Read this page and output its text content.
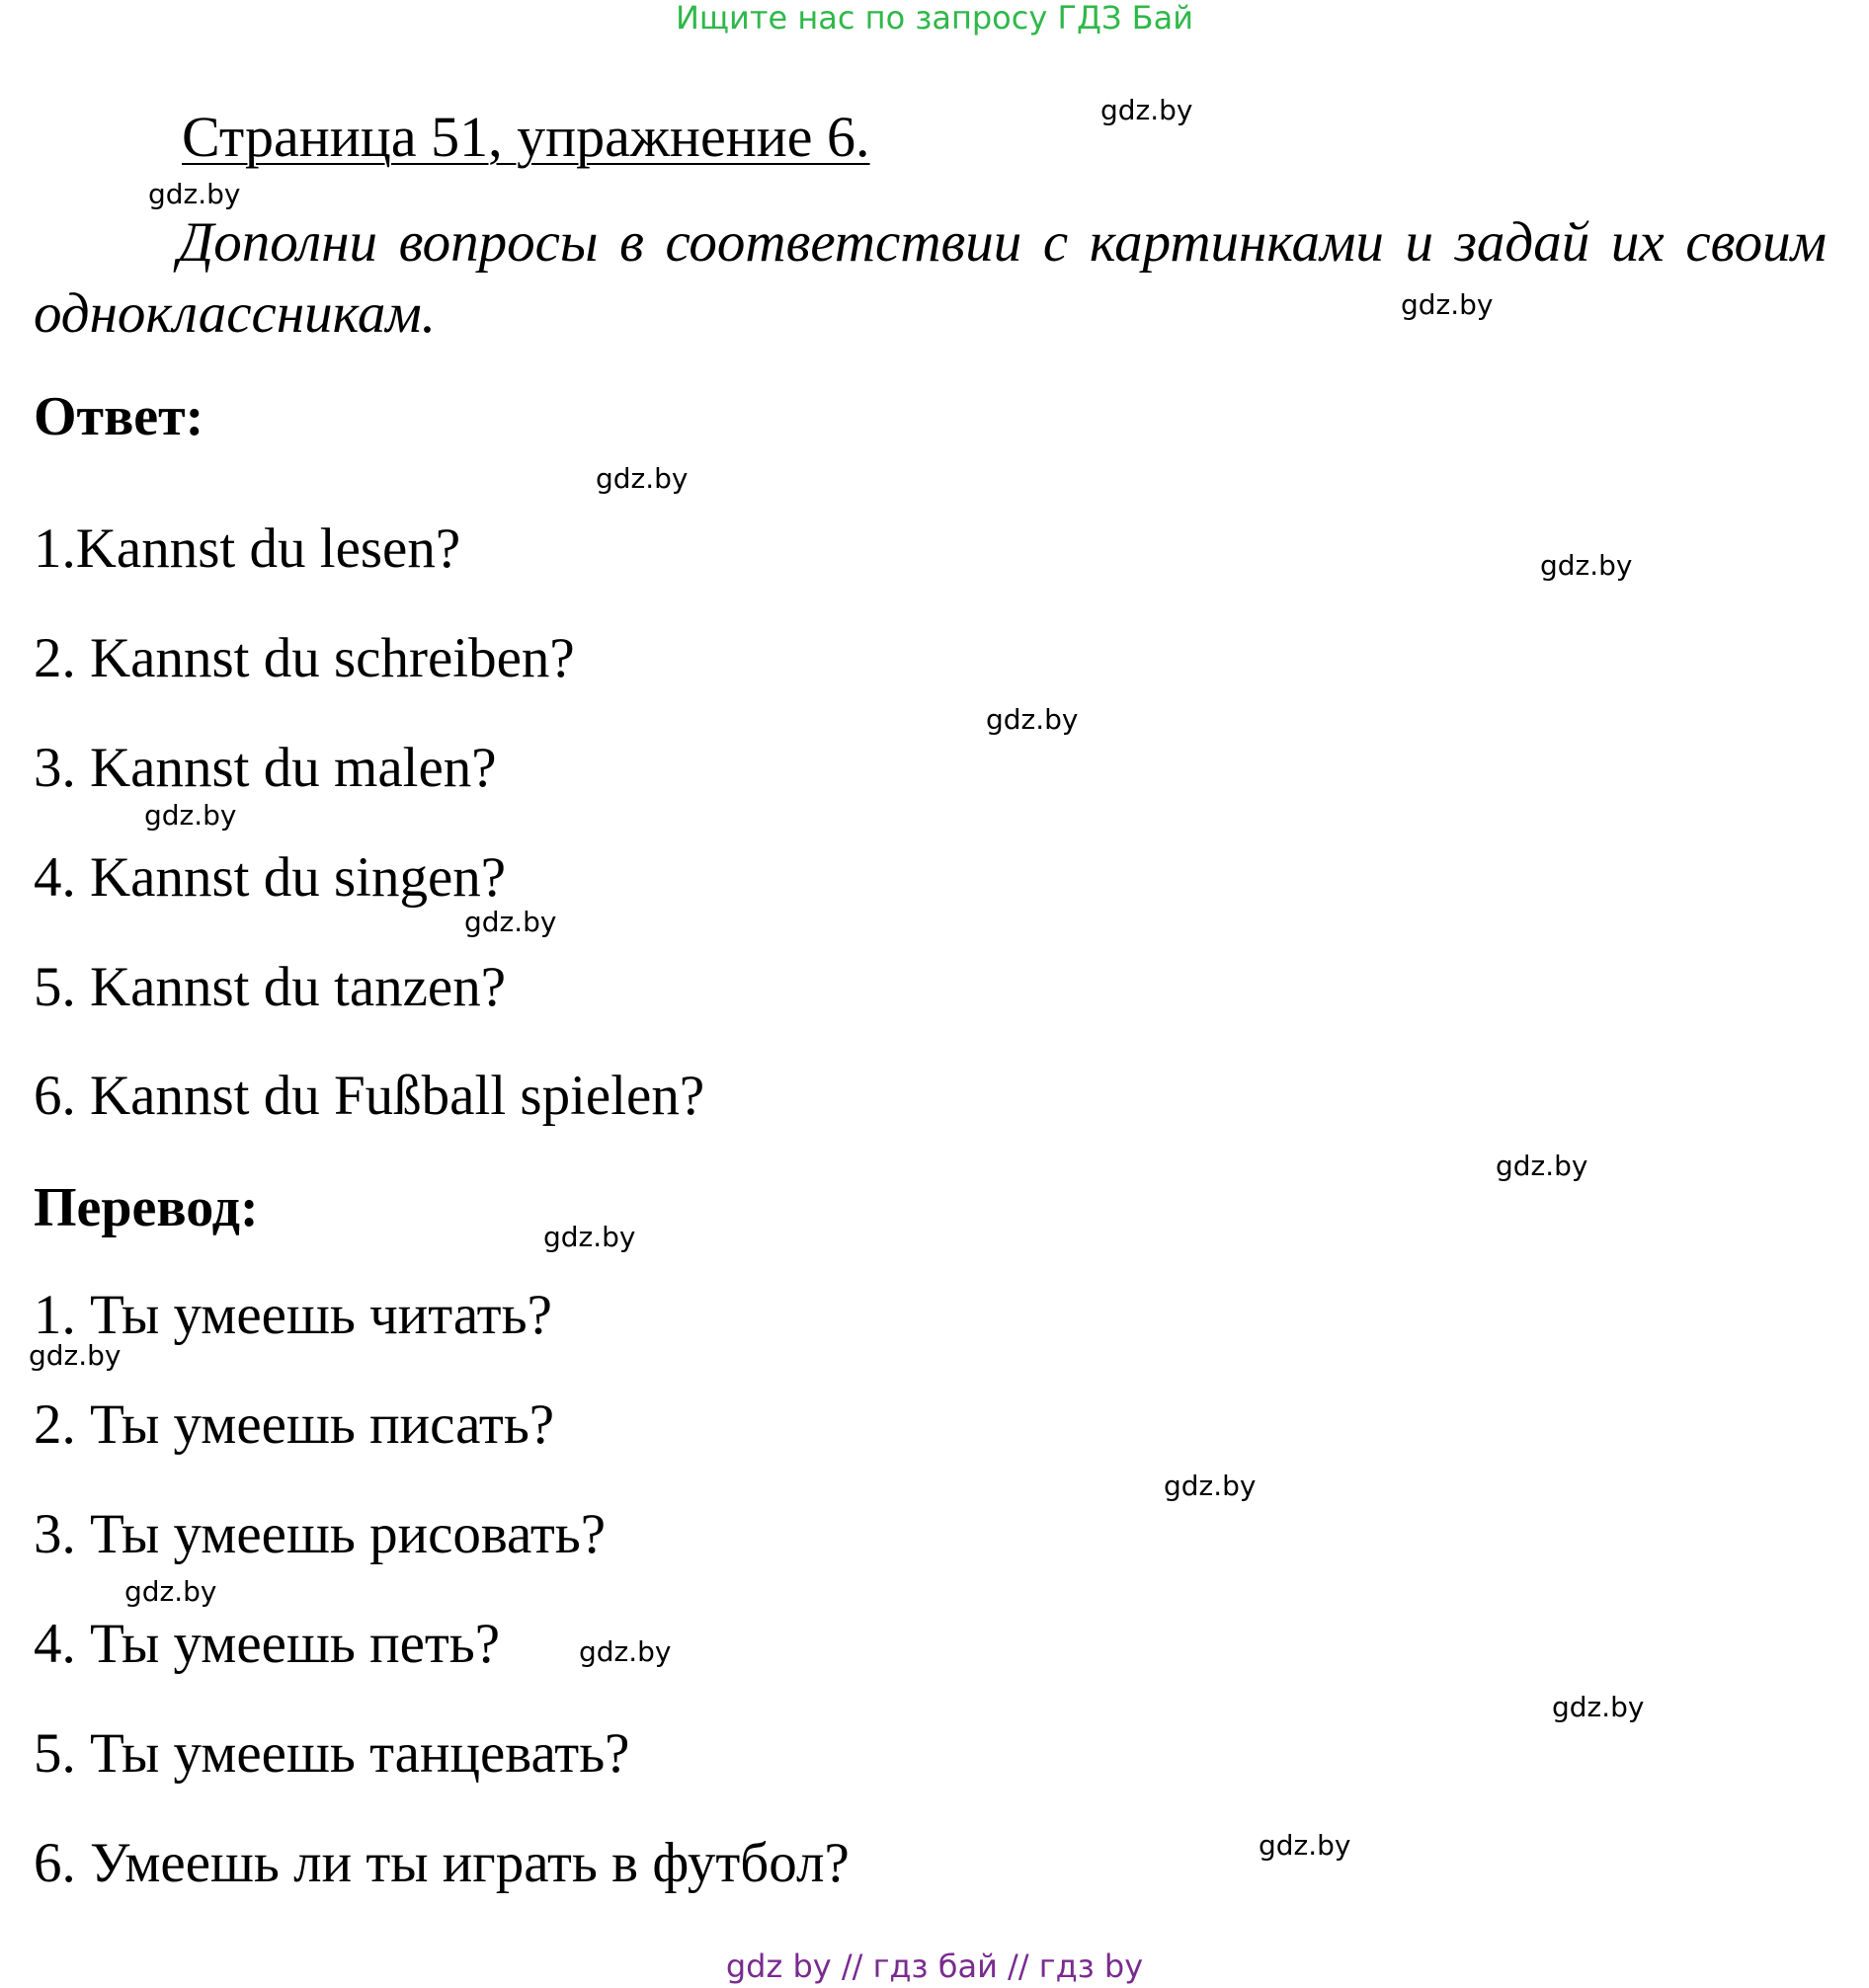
Ищите нас по запросу ГДЗ Бай
Страница 51, упражнение 6.
Дополни вопросы в соответствии с картинками и задай их своим одноклассникам.
Ответ:
1.Kannst du lesen?
2. Kannst du schreiben?
3. Kannst du malen?
4. Kannst du singen?
5. Kannst du tanzen?
6. Kannst du Fußball spielen?
Перевод:
1. Ты умеешь читать?
2. Ты умеешь писать?
3. Ты умеешь рисовать?
4. Ты умеешь петь?
5. Ты умеешь танцевать?
6. Умеешь ли ты играть в футбол?
gdz.by
gdz.by
gdz.by
gdz.by
gdz.by
gdz.by
gdz.by
gdz.by
gdz.by
gdz.by
gdz.by
gdz.by
gdz.by
gdz.by
gdz.by
gdz.by
gdz by // гдз бай // гдз by
